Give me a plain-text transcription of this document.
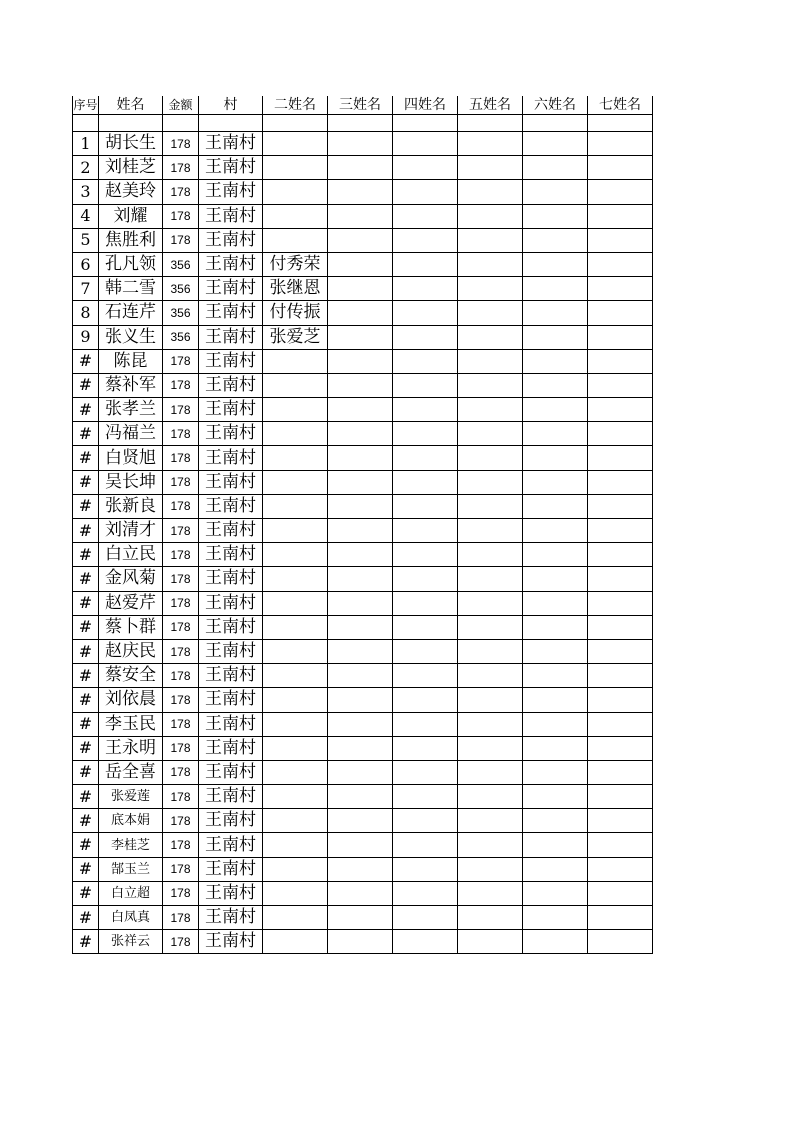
序号	姓名	金额	村	二姓名	三姓名	四姓名	五姓名	六姓名	七姓名

1	胡长生	178	王南村						
2	刘桂芝	178	王南村						
3	赵美玲	178	王南村						
4	刘耀	178	王南村						
5	焦胜利	178	王南村						
6	孔凡领	356	王南村	付秀荣					
7	韩二雪	356	王南村	张继恩					
8	石连芹	356	王南村	付传振					
9	张义生	356	王南村	张爱芝					
#	陈昆	178	王南村						
#	蔡补军	178	王南村						
#	张孝兰	178	王南村						
#	冯福兰	178	王南村						
#	白贤旭	178	王南村						
#	吴长坤	178	王南村						
#	张新良	178	王南村						
#	刘清才	178	王南村						
#	白立民	178	王南村						
#	金风菊	178	王南村						
#	赵爱芹	178	王南村						
#	蔡卜群	178	王南村						
#	赵庆民	178	王南村						
#	蔡安全	178	王南村						
#	刘依晨	178	王南村						
#	李玉民	178	王南村						
#	王永明	178	王南村						
#	岳全喜	178	王南村						
#	张爱莲	178	王南村						
#	底本娟	178	王南村						
#	李桂芝	178	王南村						
#	郜玉兰	178	王南村						
#	白立超	178	王南村						
#	白凤真	178	王南村						
#	张祥云	178	王南村						
